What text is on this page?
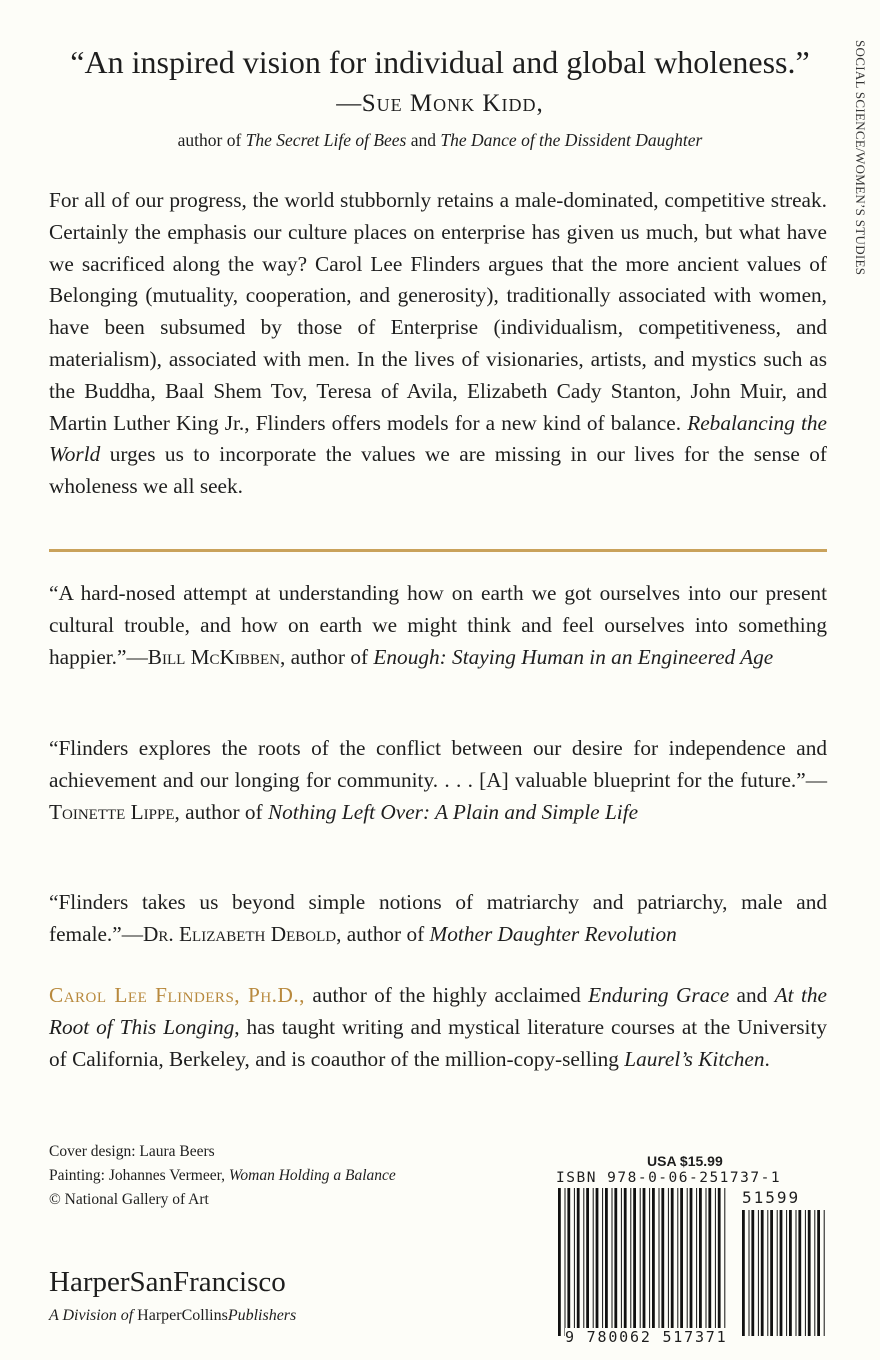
“An inspired vision for individual and global wholeness.”
—Sue Monk Kidd,
author of The Secret Life of Bees and The Dance of the Dissident Daughter
For all of our progress, the world stubbornly retains a male-dominated, competitive streak. Certainly the emphasis our culture places on enterprise has given us much, but what have we sacrificed along the way? Carol Lee Flinders argues that the more ancient values of Belonging (mutuality, cooperation, and generosity), traditionally associated with women, have been subsumed by those of Enterprise (individualism, competitiveness, and materialism), associated with men. In the lives of visionaries, artists, and mystics such as the Buddha, Baal Shem Tov, Teresa of Avila, Elizabeth Cady Stanton, John Muir, and Martin Luther King Jr., Flinders offers models for a new kind of balance. Rebalancing the World urges us to incorporate the values we are missing in our lives for the sense of wholeness we all seek.
“A hard-nosed attempt at understanding how on earth we got ourselves into our present cultural trouble, and how on earth we might think and feel ourselves into something happier.”—Bill McKibben, author of Enough: Staying Human in an Engineered Age
“Flinders explores the roots of the conflict between our desire for independence and achievement and our longing for community. . . . [A] valuable blueprint for the future.”—Toinette Lippe, author of Nothing Left Over: A Plain and Simple Life
“Flinders takes us beyond simple notions of matriarchy and patriarchy, male and female.”—Dr. Elizabeth Debold, author of Mother Daughter Revolution
Carol Lee Flinders, Ph.D., author of the highly acclaimed Enduring Grace and At the Root of This Longing, has taught writing and mystical literature courses at the University of California, Berkeley, and is coauthor of the million-copy-selling Laurel’s Kitchen.
Cover design: Laura Beers
Painting: Johannes Vermeer, Woman Holding a Balance
© National Gallery of Art
HarperSanFrancisco
A Division of HarperCollinsPublishers
SOCIAL SCIENCE/WOMEN’S STUDIES
USA $15.99
ISBN 978-0-06-251737-1
51599
9 780062 517371
